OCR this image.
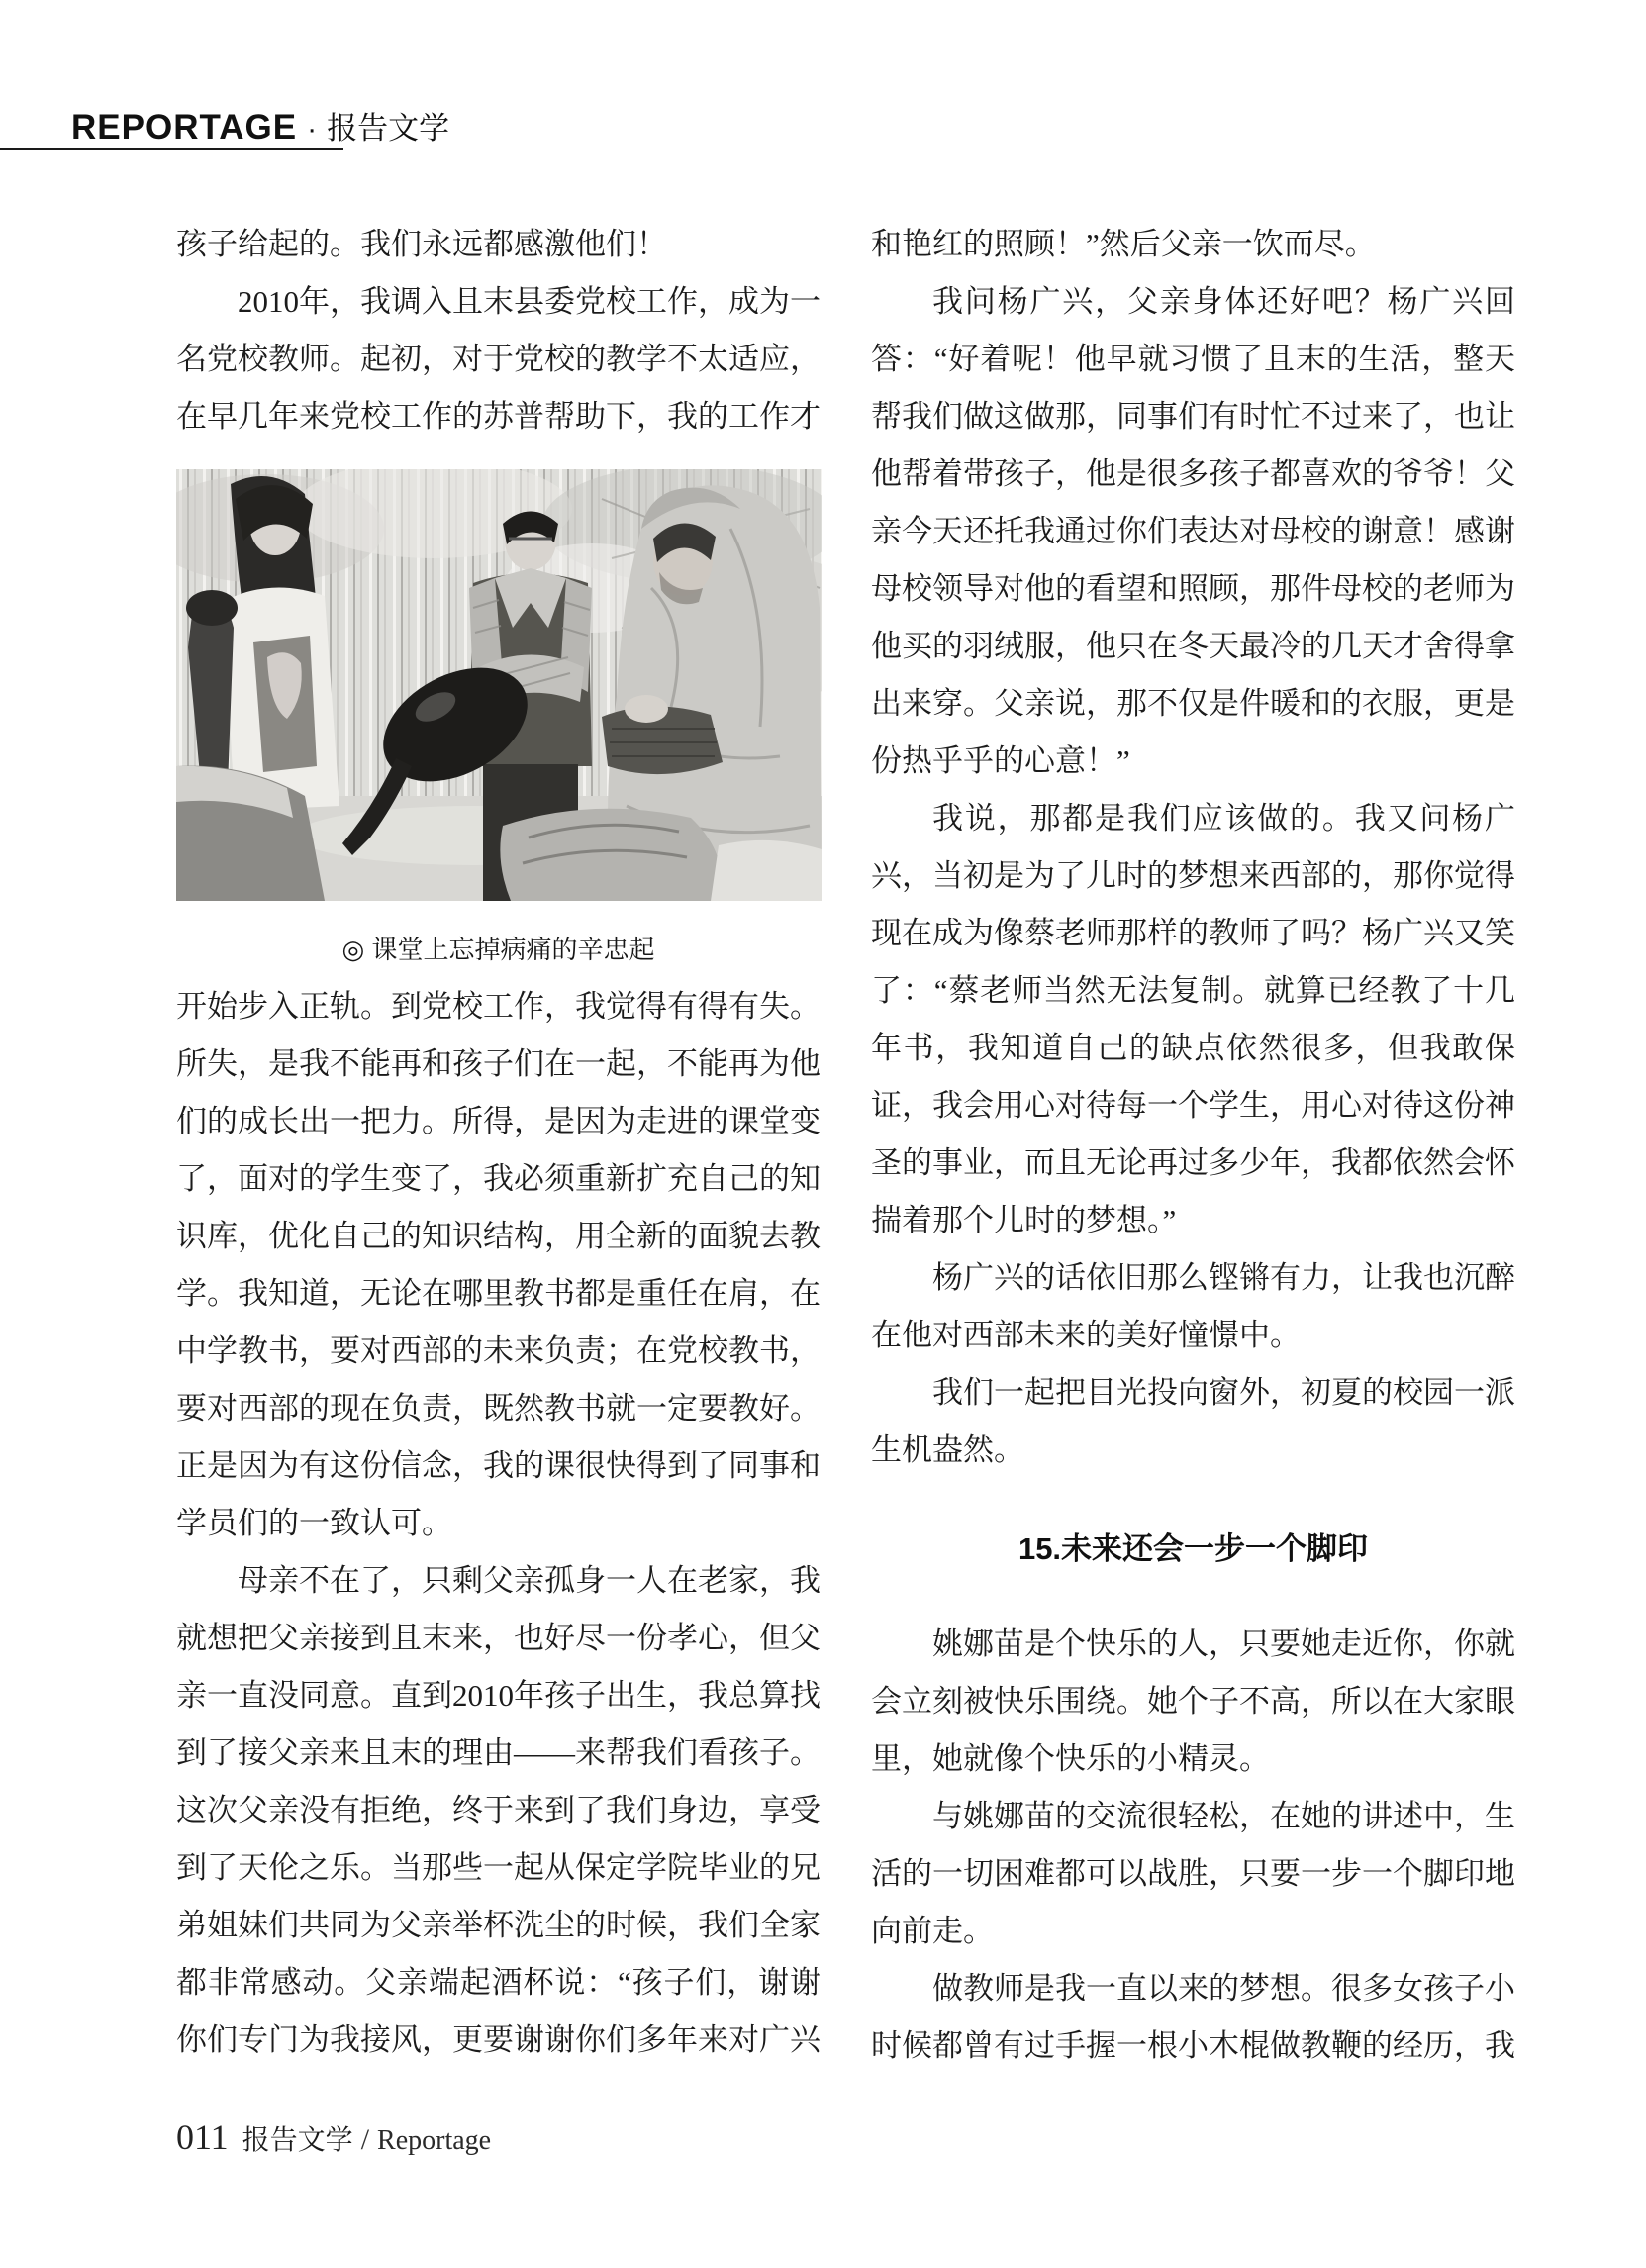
REPORTAGE · 报告文学

孩子给起的。我们永远都感激他们！

2010年，我调入且末县委党校工作，成为一名党校教师。起初，对于党校的教学不太适应，在早几年来党校工作的苏普帮助下，我的工作才

◎ 课堂上忘掉病痛的辛忠起

开始步入正轨。到党校工作，我觉得有得有失。所失，是我不能再和孩子们在一起，不能再为他们的成长出一把力。所得，是因为走进的课堂变了，面对的学生变了，我必须重新扩充自己的知识库，优化自己的知识结构，用全新的面貌去教学。我知道，无论在哪里教书都是重任在肩，在中学教书，要对西部的未来负责；在党校教书，要对西部的现在负责，既然教书就一定要教好。正是因为有这份信念，我的课很快得到了同事和学员们的一致认可。

母亲不在了，只剩父亲孤身一人在老家，我就想把父亲接到且末来，也好尽一份孝心，但父亲一直没同意。直到2010年孩子出生，我总算找到了接父亲来且末的理由——来帮我们看孩子。这次父亲没有拒绝，终于来到了我们身边，享受到了天伦之乐。当那些一起从保定学院毕业的兄弟姐妹们共同为父亲举杯洗尘的时候，我们全家都非常感动。父亲端起酒杯说：“孩子们，谢谢你们专门为我接风，更要谢谢你们多年来对广兴

和艳红的照顾！”然后父亲一饮而尽。

我问杨广兴，父亲身体还好吧？杨广兴回答：“好着呢！他早就习惯了且末的生活，整天帮我们做这做那，同事们有时忙不过来了，也让他帮着带孩子，他是很多孩子都喜欢的爷爷！父亲今天还托我通过你们表达对母校的谢意！感谢母校领导对他的看望和照顾，那件母校的老师为他买的羽绒服，他只在冬天最冷的几天才舍得拿出来穿。父亲说，那不仅是件暖和的衣服，更是份热乎乎的心意！”

我说，那都是我们应该做的。我又问杨广兴，当初是为了儿时的梦想来西部的，那你觉得现在成为像蔡老师那样的教师了吗？杨广兴又笑了：“蔡老师当然无法复制。就算已经教了十几年书，我知道自己的缺点依然很多，但我敢保证，我会用心对待每一个学生，用心对待这份神圣的事业，而且无论再过多少年，我都依然会怀揣着那个儿时的梦想。”

杨广兴的话依旧那么铿锵有力，让我也沉醉在他对西部未来的美好憧憬中。

我们一起把目光投向窗外，初夏的校园一派生机盎然。

15.未来还会一步一个脚印

姚娜苗是个快乐的人，只要她走近你，你就会立刻被快乐围绕。她个子不高，所以在大家眼里，她就像个快乐的小精灵。

与姚娜苗的交流很轻松，在她的讲述中，生活的一切困难都可以战胜，只要一步一个脚印地向前走。

做教师是我一直以来的梦想。很多女孩子小时候都曾有过手握一根小木棍做教鞭的经历，我

011 报告文学 / Reportage
